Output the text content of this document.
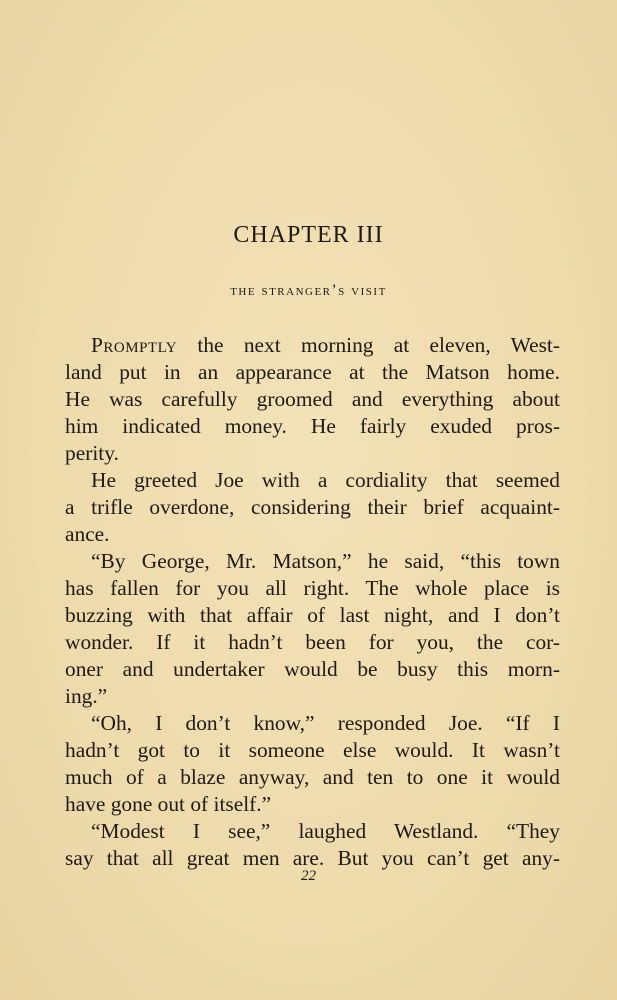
CHAPTER III
the stranger’s visit
Promptly the next morning at eleven, West-
land put in an appearance at the Matson home.
He was carefully groomed and everything about
him indicated money. He fairly exuded pros-
perity.
He greeted Joe with a cordiality that seemed
a trifle overdone, considering their brief acquaint-
ance.
“By George, Mr. Matson,” he said, “this town
has fallen for you all right. The whole place is
buzzing with that affair of last night, and I don’t
wonder. If it hadn’t been for you, the cor-
oner and undertaker would be busy this morn-
ing.”
“Oh, I don’t know,” responded Joe. “If I
hadn’t got to it someone else would. It wasn’t
much of a blaze anyway, and ten to one it would
have gone out of itself.”
“Modest I see,” laughed Westland. “They
say that all great men are. But you can’t get any-
22
